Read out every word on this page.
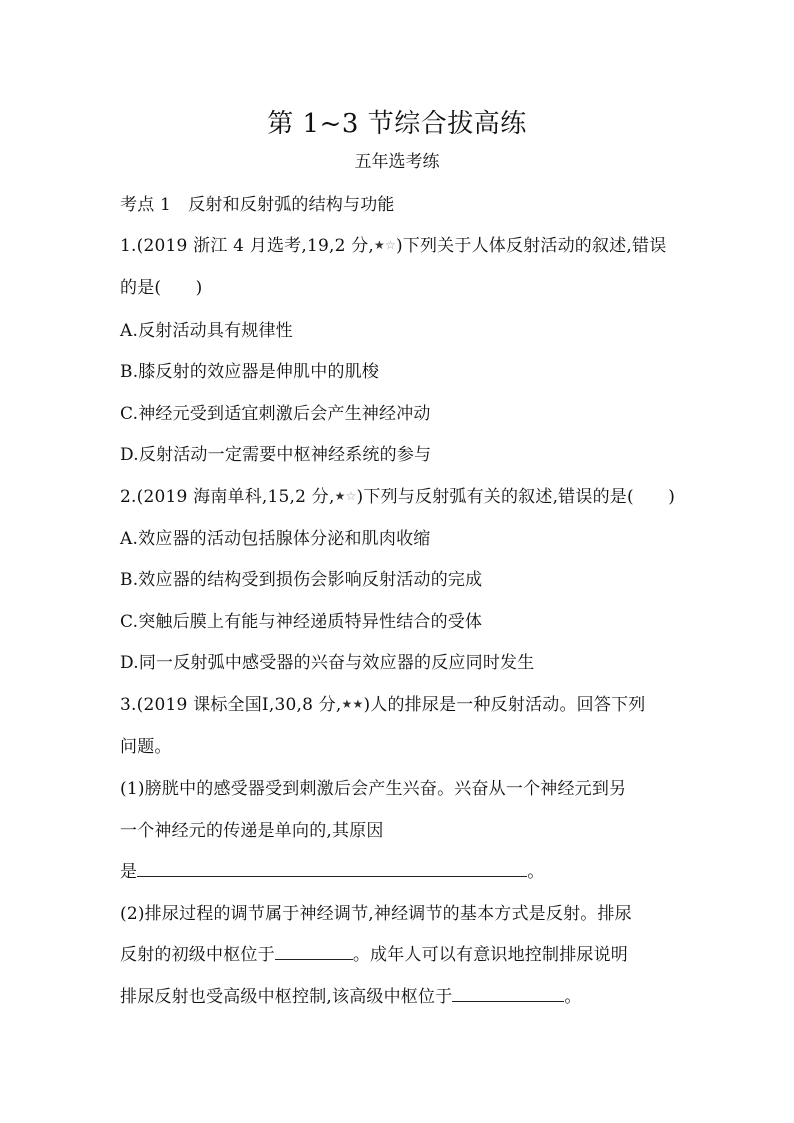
第 1~3 节综合拔高练
五年选考练
考点 1　反射和反射弧的结构与功能
1.(2019 浙江 4 月选考,19,2 分,★☆)下列关于人体反射活动的叙述,错误
的是(　　)
A.反射活动具有规律性
B.膝反射的效应器是伸肌中的肌梭
C.神经元受到适宜刺激后会产生神经冲动
D.反射活动一定需要中枢神经系统的参与
2.(2019 海南单科,15,2 分,★☆)下列与反射弧有关的叙述,错误的是(　　)
A.效应器的活动包括腺体分泌和肌肉收缩
B.效应器的结构受到损伤会影响反射活动的完成
C.突触后膜上有能与神经递质特异性结合的受体
D.同一反射弧中感受器的兴奋与效应器的反应同时发生
3.(2019 课标全国Ⅰ,30,8 分,★★)人的排尿是一种反射活动。回答下列
问题。
(1)膀胱中的感受器受到刺激后会产生兴奋。兴奋从一个神经元到另
一个神经元的传递是单向的,其原因
是	。
(2)排尿过程的调节属于神经调节,神经调节的基本方式是反射。排尿
反射的初级中枢位于	。成年人可以有意识地控制排尿说明
排尿反射也受高级中枢控制,该高级中枢位于	。
